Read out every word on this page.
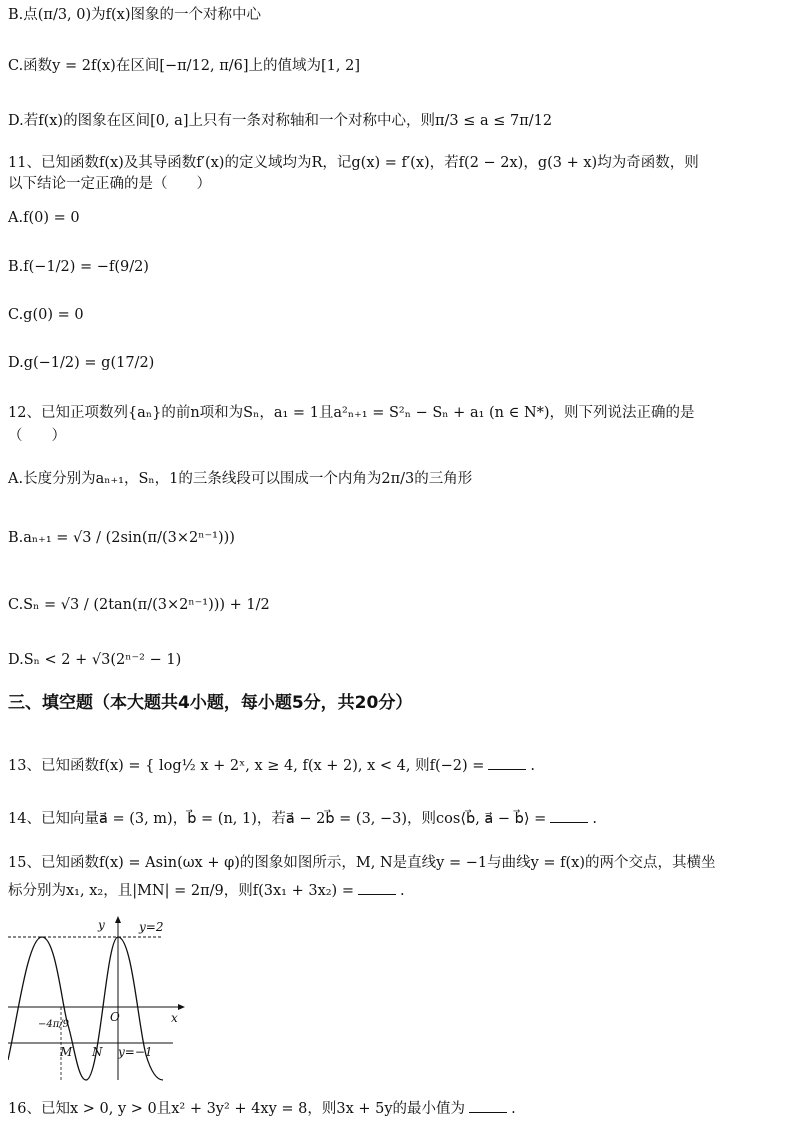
B.点(π/3, 0)为f(x)图象的一个对称中心
C.函数y = 2f(x)在区间[−π/12, π/6]上的值域为[1, 2]
D.若f(x)的图象在区间[0, a]上只有一条对称轴和一个对称中心，则π/3 ≤ a ≤ 7π/12
11、已知函数f(x)及其导函数f′(x)的定义域均为R，记g(x) = f′(x)，若f(2 − 2x)，g(3 + x)均为奇函数，则
以下结论一定正确的是（　　）
A.f(0) = 0
B.f(−1/2) = −f(9/2)
C.g(0) = 0
D.g(−1/2) = g(17/2)
12、已知正项数列{aₙ}的前n项和为Sₙ，a₁ = 1且a²ₙ₊₁ = S²ₙ − Sₙ + a₁ (n ∈ N*)，则下列说法正确的是
（　　）
A.长度分别为aₙ₊₁，Sₙ，1的三条线段可以围成一个内角为2π/3的三角形
B.aₙ₊₁ = √3 / (2sin(π/(3×2ⁿ⁻¹)))
C.Sₙ = √3 / (2tan(π/(3×2ⁿ⁻¹))) + 1/2
D.Sₙ < 2 + √3(2ⁿ⁻² − 1)
三、填空题（本大题共4小题，每小题5分，共20分）
13、已知函数f(x) = { log½ x + 2ˣ, x ≥ 4, f(x + 2), x < 4, 则f(−2) =	.
14、已知向量a⃗ = (3, m)，b⃗ = (n, 1)，若a⃗ − 2b⃗ = (3, −3)，则cos⟨b⃗, a⃗ − b⃗⟩ =	.
15、已知函数f(x) = Asin(ωx + φ)的图象如图所示，M, N是直线y = −1与曲线y = f(x)的两个交点，其横坐
标分别为x₁, x₂，且|MN| = 2π/9，则f(3x₁ + 3x₂) =	.
y
x
O
y=2
y=−1
M N
−4π/9
16、已知x > 0, y > 0且x² + 3y² + 4xy = 8，则3x + 5y的最小值为	.
